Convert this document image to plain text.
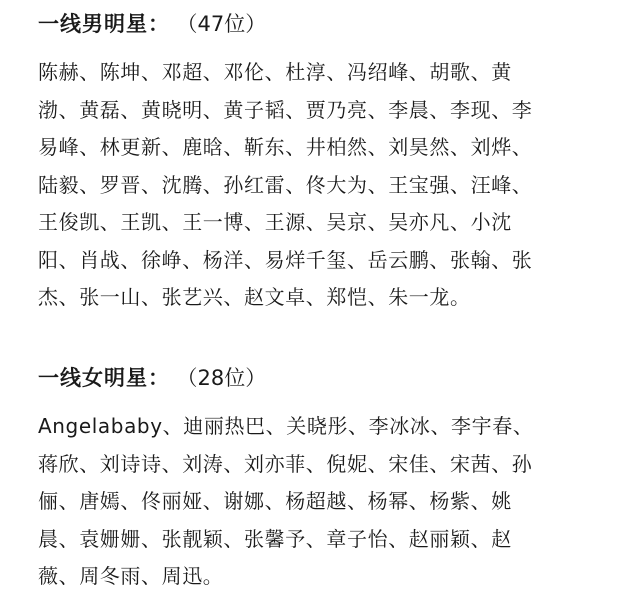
一线男明星： （47位）
陈赫、陈坤、邓超、邓伦、杜淳、冯绍峰、胡歌、黄
渤、黄磊、黄晓明、黄子韬、贾乃亮、李晨、李现、李
易峰、林更新、鹿晗、靳东、井柏然、刘昊然、刘烨、
陆毅、罗晋、沈腾、孙红雷、佟大为、王宝强、汪峰、
王俊凯、王凯、王一博、王源、吴京、吴亦凡、小沈
阳、肖战、徐峥、杨洋、易烊千玺、岳云鹏、张翰、张
杰、张一山、张艺兴、赵文卓、郑恺、朱一龙。
一线女明星： （28位）
Angelababy、迪丽热巴、关晓彤、李冰冰、李宇春、
蒋欣、刘诗诗、刘涛、刘亦菲、倪妮、宋佳、宋茜、孙
俪、唐嫣、佟丽娅、谢娜、杨超越、杨幂、杨紫、姚
晨、袁姗姗、张靓颖、张馨予、章子怡、赵丽颖、赵
薇、周冬雨、周迅。
